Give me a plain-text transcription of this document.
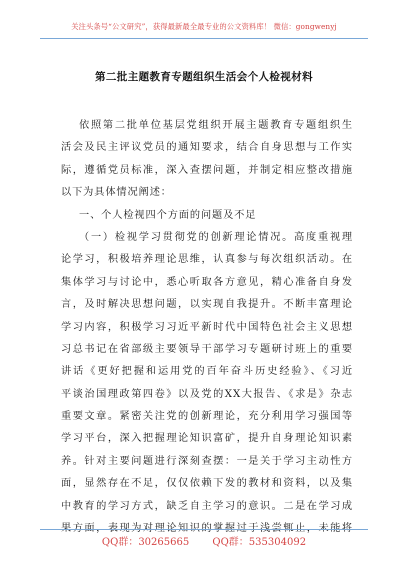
关注头条号“公文研究”，获得最新最全最专业的公文资料库！ 微信：gongwenyj
第二批主题教育专题组织生活会个人检视材料
依照第二批单位基层党组织开展主题教育专题组织生
活会及民主评议党员的通知要求，结合自身思想与工作实
际，遵循党员标准，深入查摆问题，并制定相应整改措施
以下为具体情况阐述：
一、个人检视四个方面的问题及不足
（一）检视学习贯彻党的创新理论情况。高度重视理
论学习，积极培养理论思维，认真参与每次组织活动。在
集体学习与讨论中，悉心听取各方意见，精心准备自身发
言，及时解决思想问题，以实现自我提升。不断丰富理论
学习内容，积极学习习近平新时代中国特色社会主义思想
习总书记在省部级主要领导干部学习专题研讨班上的重要
讲话《更好把握和运用党的百年奋斗历史经验》、《习近
平谈治国理政第四卷》以及党的XX大报告、《求是》杂志
重要文章。紧密关注党的创新理论，充分利用学习强国等
学习平台，深入把握理论知识富矿，提升自身理论知识素
养。针对主要问题进行深刻查摆：一是关于学习主动性方
面，显然存在不足，仅仅依赖下发的教材和资料，以及集
中教育的学习方式，缺乏自主学习的意识。二是在学习成
果方面，表现为对理论知识的掌握过于浅尝辄止，未能将
QQ群：30265665 QQ群：535304092
